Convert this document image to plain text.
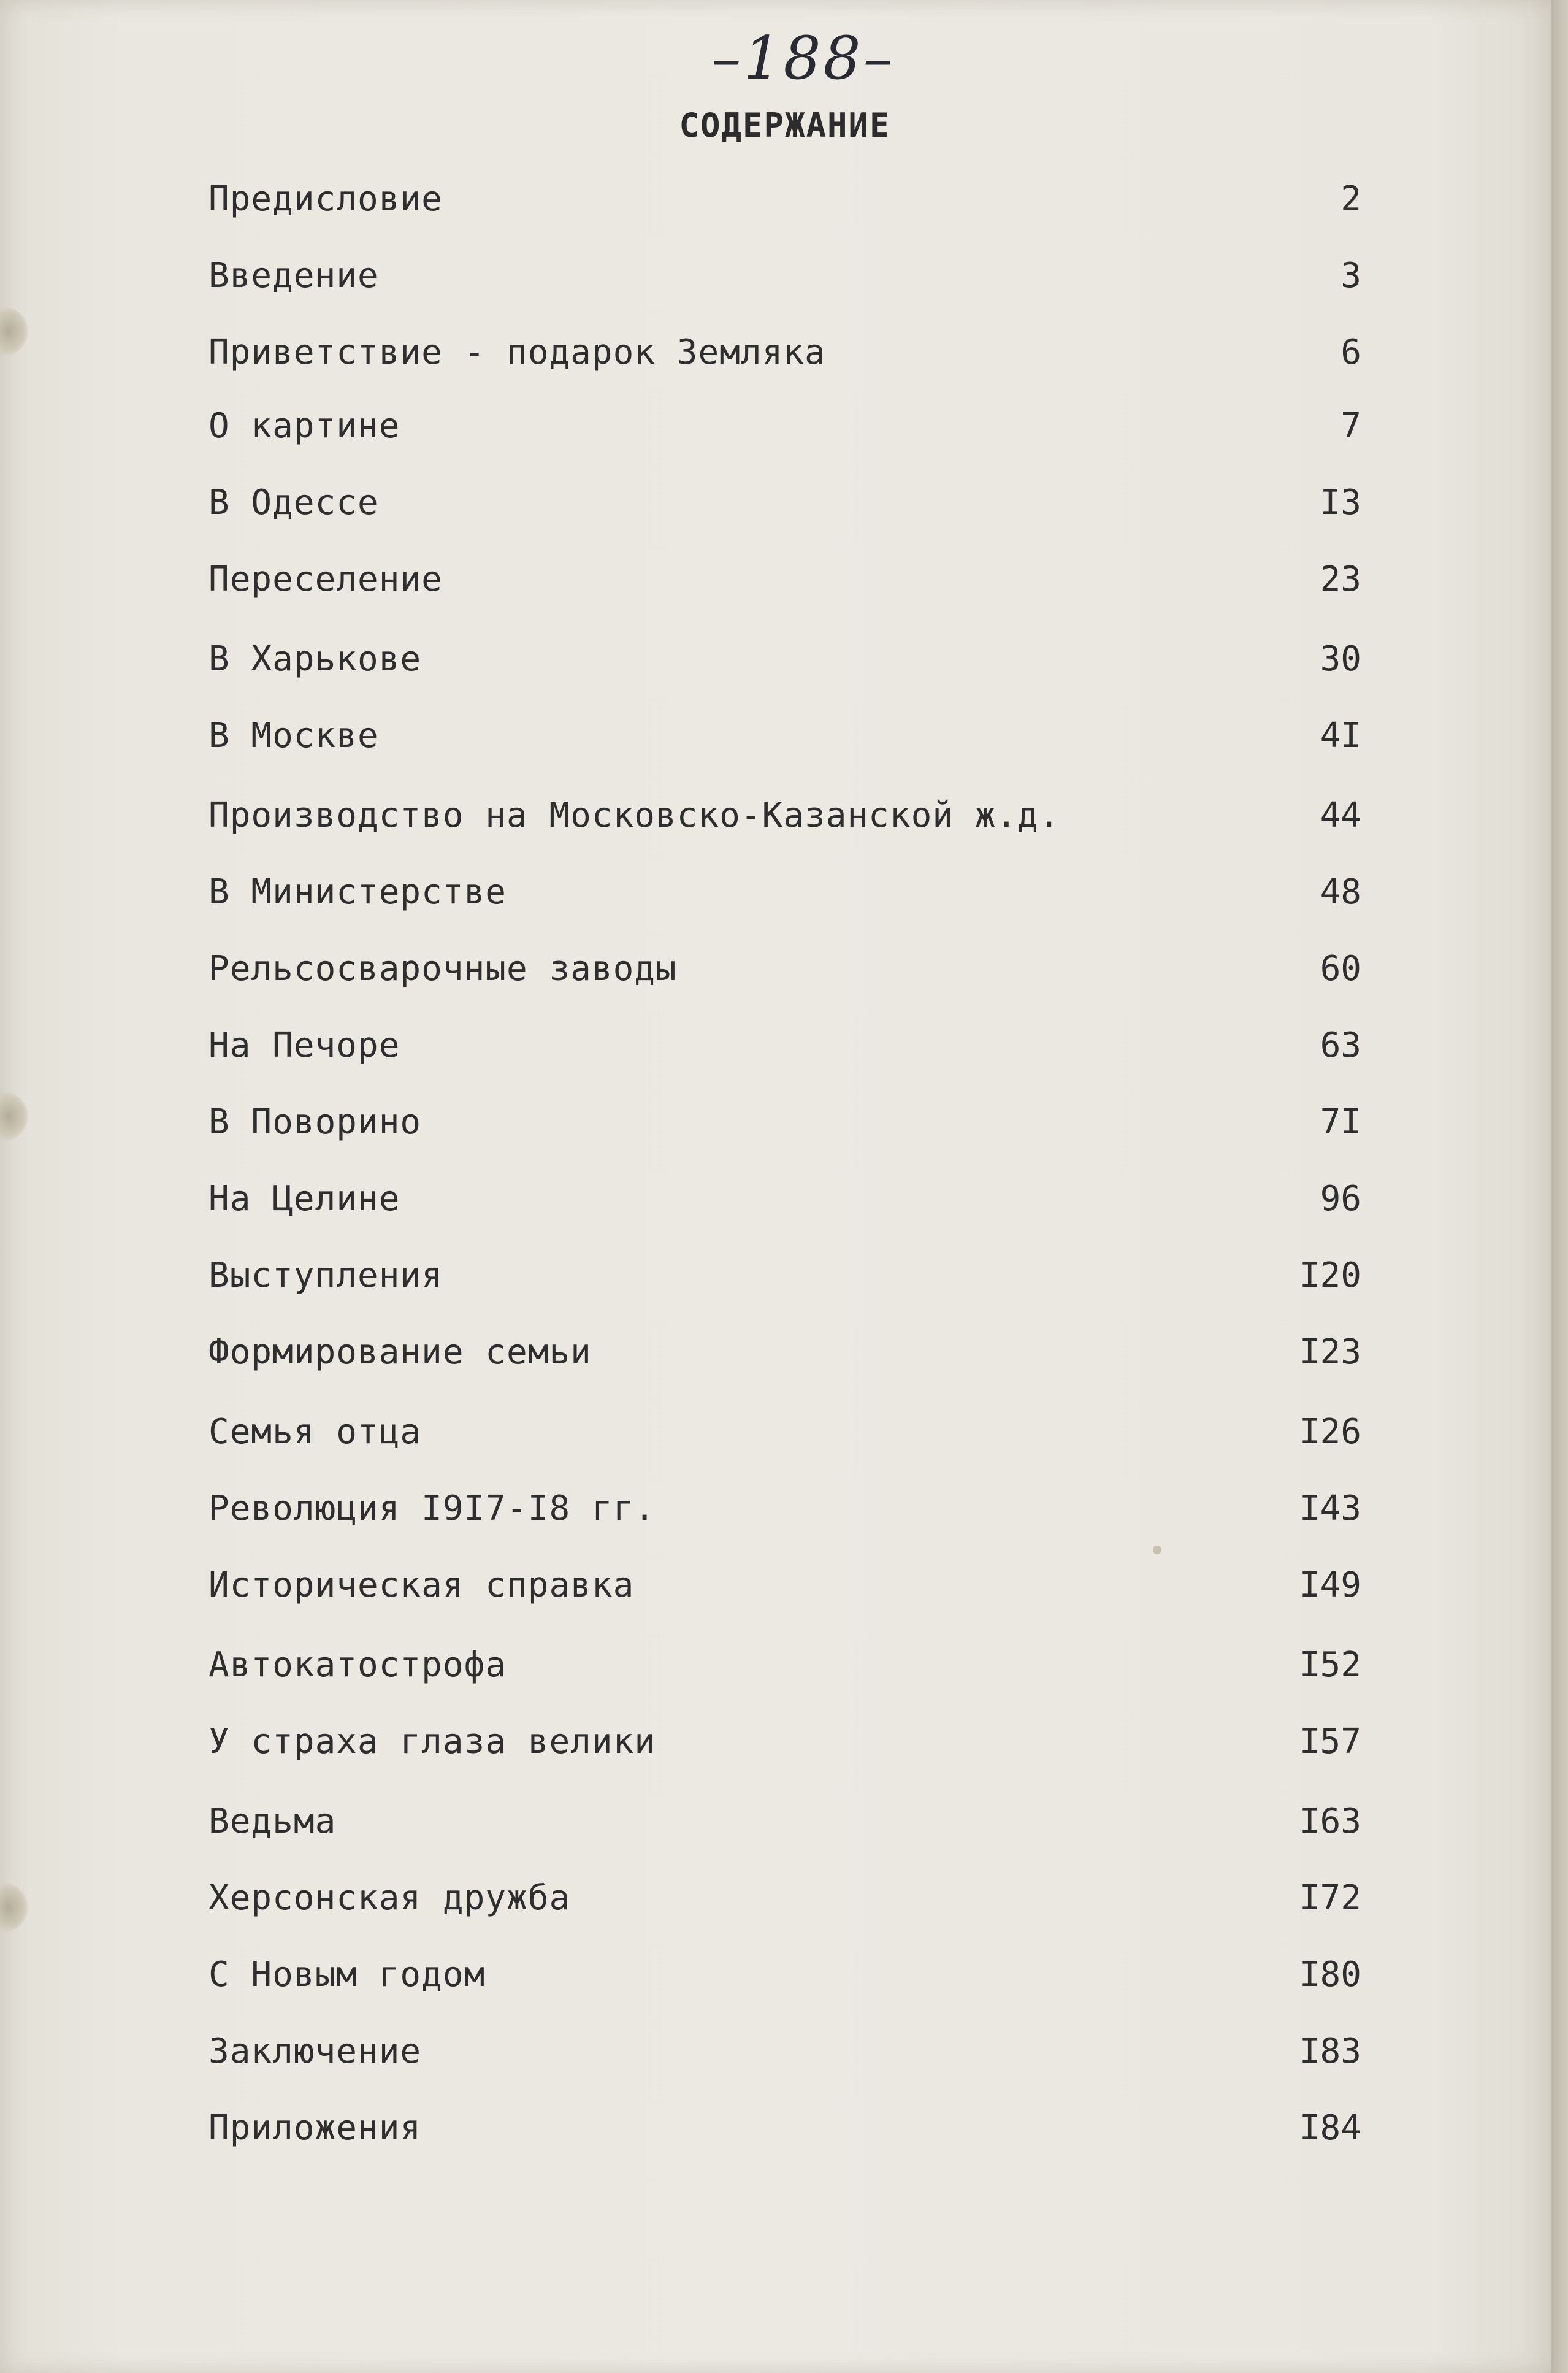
–188–
СОДЕРЖАНИЕ
Предисловие	2
Введение	3
Приветствие - подарок Земляка	6
О картине	7
В Одессе	I3
Переселение	23
В Харькове	30
В Москве	4I
Производство на Московско-Казанской ж.д.	44
В Министерстве	48
Рельсосварочные заводы	60
На Печоре	63
В Поворино	7I
На Целине	96
Выступления	I20
Формирование семьи	I23
Семья отца	I26
Революция I9I7-I8 гг.	I43
Историческая справка	I49
Автокатострофа	I52
У страха глаза велики	I57
Ведьма	I63
Херсонская дружба	I72
С Новым годом	I80
Заключение	I83
Приложения	I84
